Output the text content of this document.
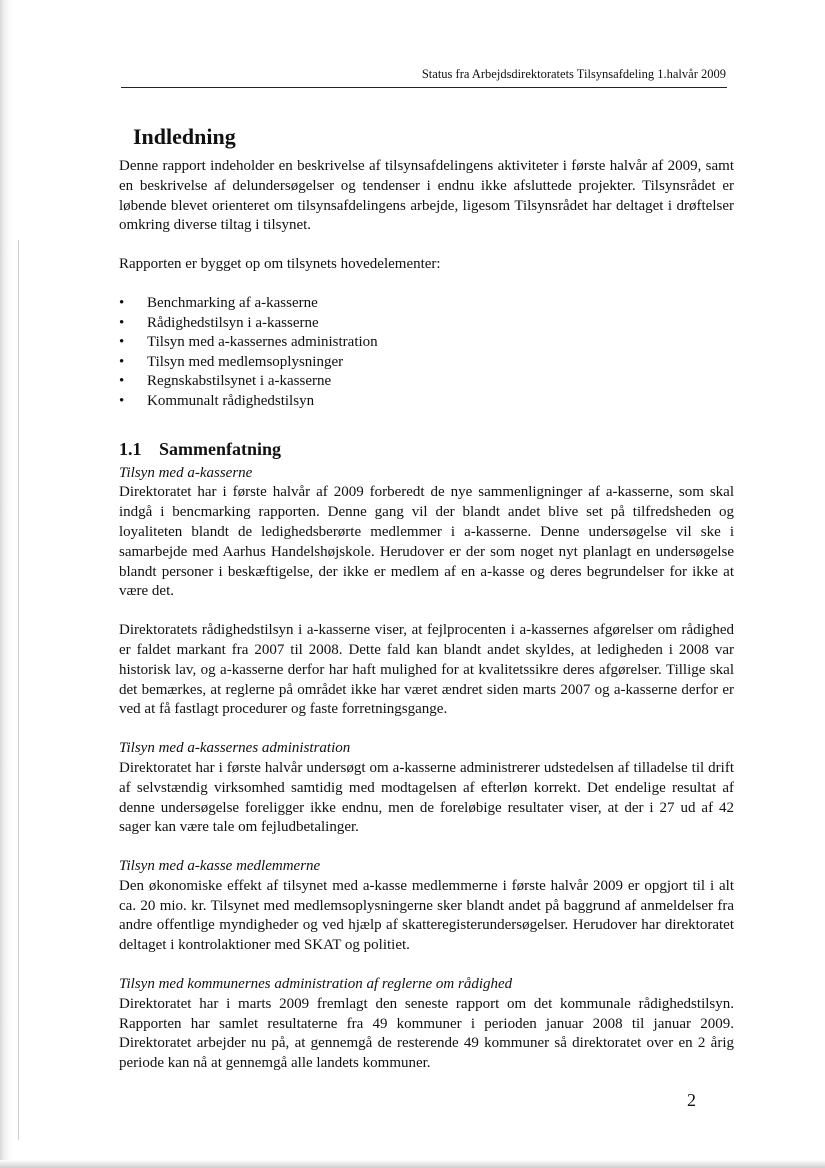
Status fra Arbejdsdirektoratets Tilsynsafdeling 1.halvår 2009
Indledning

Denne rapport indeholder en beskrivelse af tilsynsafdelingens aktiviteter i første halvår af 2009, samt en beskrivelse af delundersøgelser og tendenser i endnu ikke afsluttede projekter. Tilsynsrådet er løbende blevet orienteret om tilsynsafdelingens arbejde, ligesom Tilsynsrådet har deltaget i drøftelser omkring diverse tiltag i tilsynet.

Rapporten er bygget op om tilsynets hovedelementer:

• Benchmarking af a-kasserne
• Rådighedstilsyn i a-kasserne
• Tilsyn med a-kassernes administration
• Tilsyn med medlemsoplysninger
• Regnskabstilsynet i a-kasserne
• Kommunalt rådighedstilsyn
1.1 Sammenfatning

Tilsyn med a-kasserne

Direktoratet har i første halvår af 2009 forberedt de nye sammenligninger af a-kasserne, som skal indgå i bencmarking rapporten. Denne gang vil der blandt andet blive set på tilfredsheden og loyaliteten blandt de ledighedsberørte medlemmer i a-kasserne. Denne undersøgelse vil ske i samarbejde med Aarhus Handelshøjskole. Herudover er der som noget nyt planlagt en undersøgelse blandt personer i beskæftigelse, der ikke er medlem af en a-kasse og deres begrundelser for ikke at være det.

Direktoratets rådighedstilsyn i a-kasserne viser, at fejlprocenten i a-kassernes afgørelser om rådighed er faldet markant fra 2007 til 2008. Dette fald kan blandt andet skyldes, at ledigheden i 2008 var historisk lav, og a-kasserne derfor har haft mulighed for at kvalitetssikre deres afgørelser. Tillige skal det bemærkes, at reglerne på området ikke har været ændret siden marts 2007 og a-kasserne derfor er ved at få fastlagt procedurer og faste forretningsgange.

Tilsyn med a-kassernes administration

Direktoratet har i første halvår undersøgt om a-kasserne administrerer udstedelsen af tilladelse til drift af selvstændig virksomhed samtidig med modtagelsen af efterløn korrekt. Det endelige resultat af denne undersøgelse foreligger ikke endnu, men de foreløbige resultater viser, at der i 27 ud af 42 sager kan være tale om fejludbetalinger.

Tilsyn med a-kasse medlemmerne

Den økonomiske effekt af tilsynet med a-kasse medlemmerne i første halvår 2009 er opgjort til i alt ca. 20 mio. kr. Tilsynet med medlemsoplysningerne sker blandt andet på baggrund af anmeldelser fra andre offentlige myndigheder og ved hjælp af skatteregisterundersøgelser. Herudover har direktoratet deltaget i kontrolaktioner med SKAT og politiet.

Tilsyn med kommunernes administration af reglerne om rådighed

Direktoratet har i marts 2009 fremlagt den seneste rapport om det kommunale rådighedstilsyn. Rapporten har samlet resultaterne fra 49 kommuner i perioden januar 2008 til januar 2009. Direktoratet arbejder nu på, at gennemgå de resterende 49 kommuner så direktoratet over en 2 årig periode kan nå at gennemgå alle landets kommuner.

2
